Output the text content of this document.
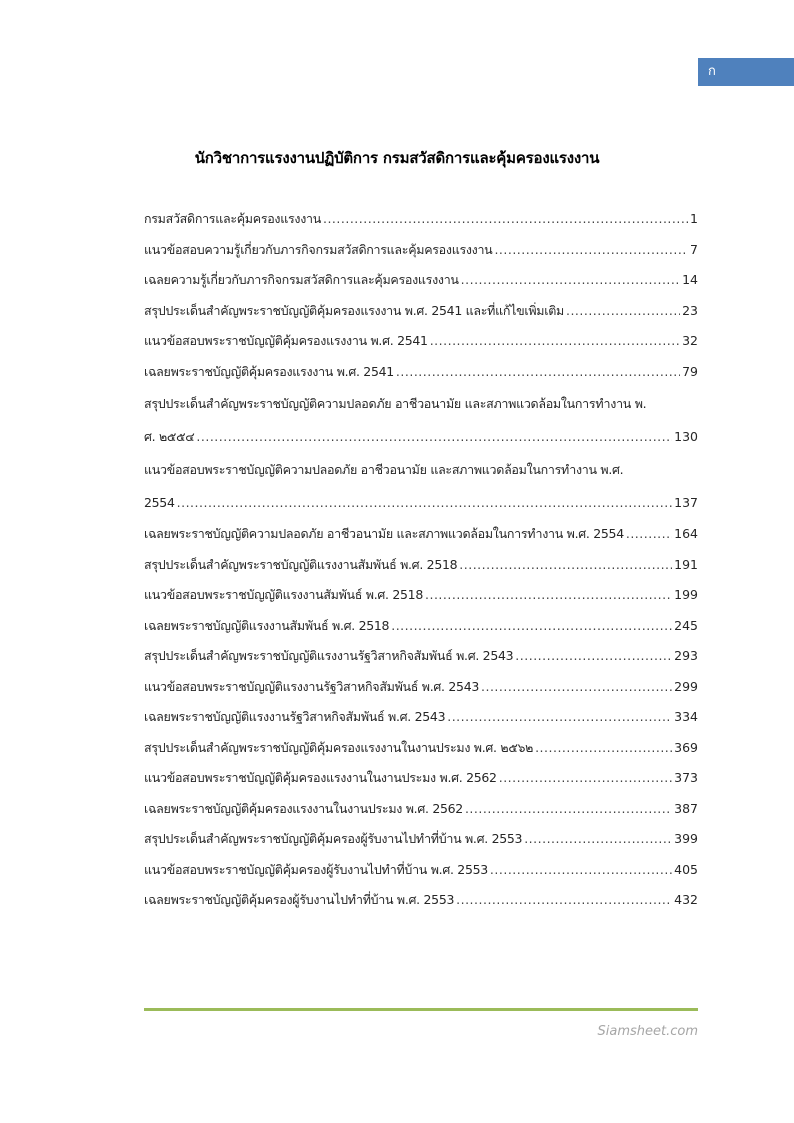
ก
นักวิชาการแรงงานปฏิบัติการ กรมสวัสดิการและคุ้มครองแรงงาน
กรมสวัสดิการและคุ้มครองแรงงาน .....	1
แนวข้อสอบความรู้เกี่ยวกับภารกิจกรมสวัสดิการและคุ้มครองแรงงาน .....	7
เฉลยความรู้เกี่ยวกับภารกิจกรมสวัสดิการและคุ้มครองแรงงาน .....	14
สรุปประเด็นสำคัญพระราชบัญญัติคุ้มครองแรงงาน พ.ศ. 2541 และที่แก้ไขเพิ่มเติม .....	23
แนวข้อสอบพระราชบัญญัติคุ้มครองแรงงาน พ.ศ. 2541 .....	32
เฉลยพระราชบัญญัติคุ้มครองแรงงาน พ.ศ. 2541 .....	79
สรุปประเด็นสำคัญพระราชบัญญัติความปลอดภัย อาชีวอนามัย และสภาพแวดล้อมในการทำงาน พ.
ศ. ๒๕๕๔ .....	130
แนวข้อสอบพระราชบัญญัติความปลอดภัย อาชีวอนามัย และสภาพแวดล้อมในการทำงาน พ.ศ.
2554 .....	137
เฉลยพระราชบัญญัติความปลอดภัย อาชีวอนามัย และสภาพแวดล้อมในการทำงาน พ.ศ. 2554 .....	164
สรุปประเด็นสำคัญพระราชบัญญัติแรงงานสัมพันธ์ พ.ศ. 2518 .....	191
แนวข้อสอบพระราชบัญญัติแรงงานสัมพันธ์ พ.ศ. 2518 .....	199
เฉลยพระราชบัญญัติแรงงานสัมพันธ์ พ.ศ. 2518 .....	245
สรุปประเด็นสำคัญพระราชบัญญัติแรงงานรัฐวิสาหกิจสัมพันธ์ พ.ศ. 2543 .....	293
แนวข้อสอบพระราชบัญญัติแรงงานรัฐวิสาหกิจสัมพันธ์ พ.ศ. 2543 .....	299
เฉลยพระราชบัญญัติแรงงานรัฐวิสาหกิจสัมพันธ์ พ.ศ. 2543 .....	334
สรุปประเด็นสำคัญพระราชบัญญัติคุ้มครองแรงงานในงานประมง พ.ศ. ๒๕๖๒ .....	369
แนวข้อสอบพระราชบัญญัติคุ้มครองแรงงานในงานประมง พ.ศ. 2562 .....	373
เฉลยพระราชบัญญัติคุ้มครองแรงงานในงานประมง พ.ศ. 2562 .....	387
สรุปประเด็นสำคัญพระราชบัญญัติคุ้มครองผู้รับงานไปทำที่บ้าน พ.ศ. 2553 .....	399
แนวข้อสอบพระราชบัญญัติคุ้มครองผู้รับงานไปทำที่บ้าน พ.ศ. 2553 .....	405
เฉลยพระราชบัญญัติคุ้มครองผู้รับงานไปทำที่บ้าน พ.ศ. 2553 .....	432
Siamsheet.com
